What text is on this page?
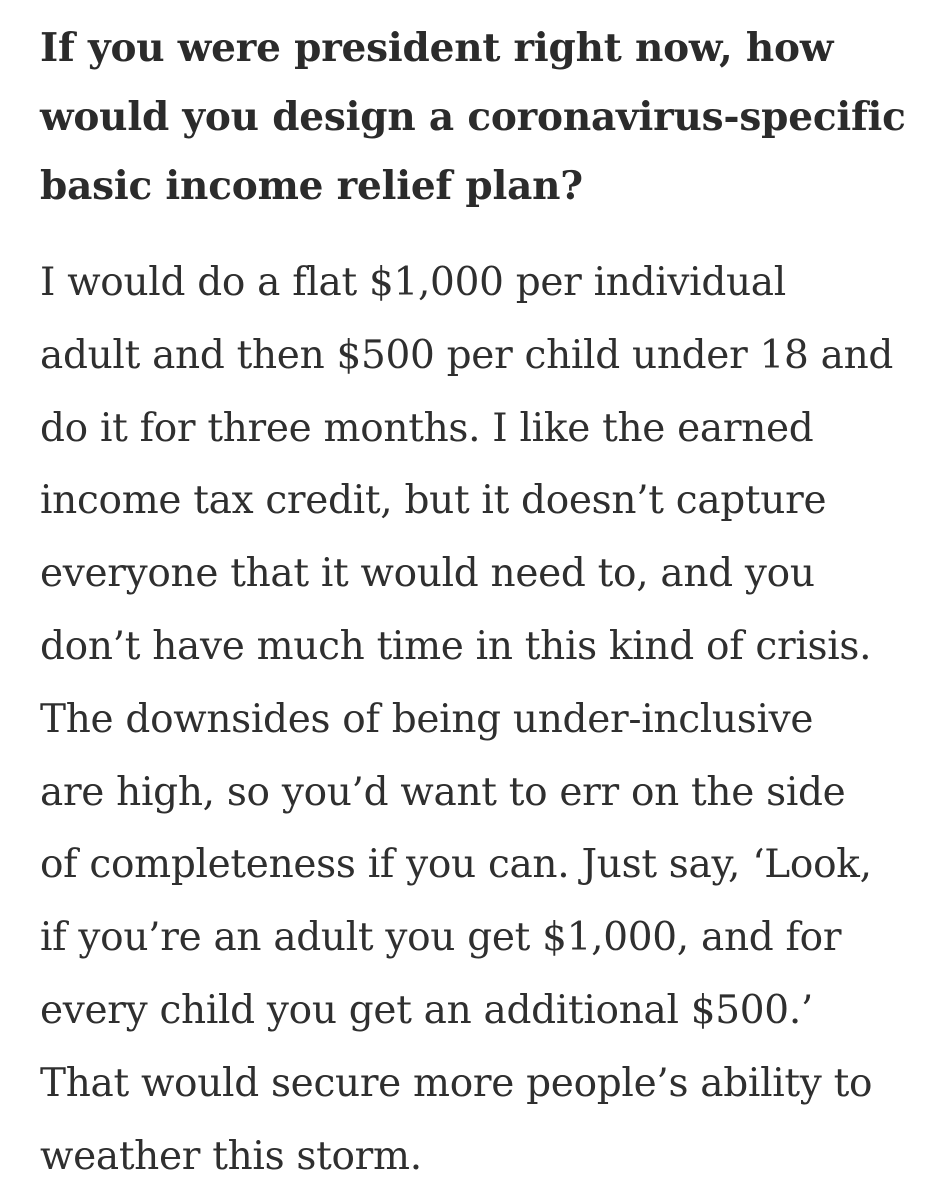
If you were president right now, how
would you design a coronavirus-specific
basic income relief plan?

I would do a flat $1,000 per individual
adult and then $500 per child under 18 and
do it for three months. I like the earned
income tax credit, but it doesn’t capture
everyone that it would need to, and you
don’t have much time in this kind of crisis.
The downsides of being under-inclusive
are high, so you’d want to err on the side
of completeness if you can. Just say, ‘Look,
if you’re an adult you get $1,000, and for
every child you get an additional $500.’
That would secure more people’s ability to
weather this storm.
